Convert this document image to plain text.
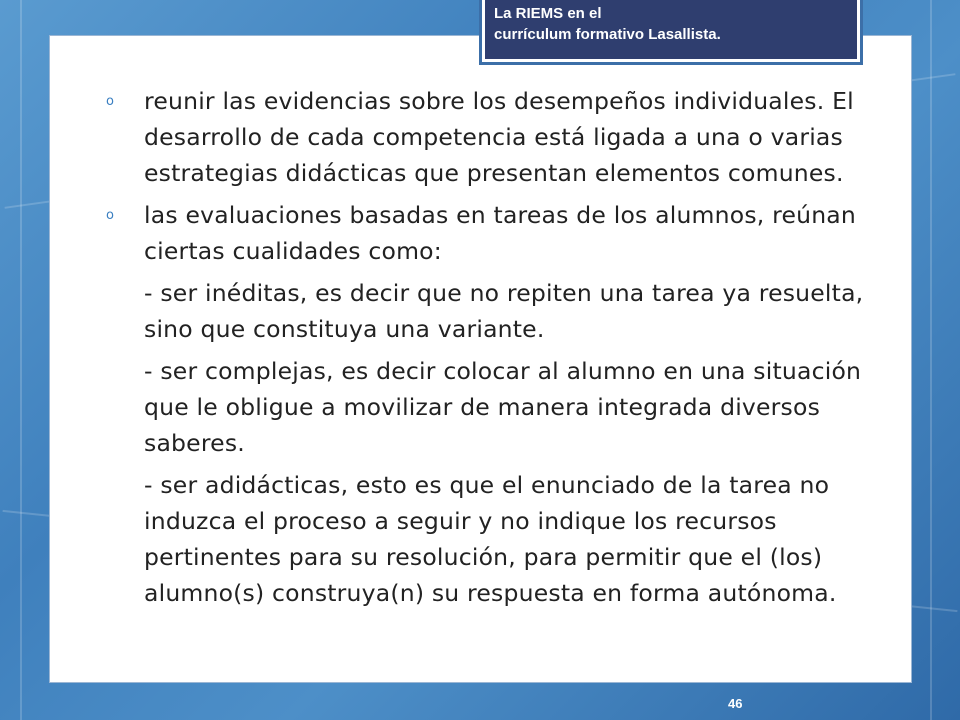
La RIEMS en el
currículum formativo Lasallista.
o reunir las evidencias sobre los desempeños individuales. El desarrollo de cada competencia está ligada a una o varias estrategias didácticas que presentan elementos comunes.
o las evaluaciones basadas en tareas de los alumnos, reúnan ciertas cualidades como:
- ser inéditas, es decir que no repiten una tarea ya resuelta, sino que constituya una variante.
- ser complejas, es decir colocar al alumno en una situación que le obligue a movilizar de manera integrada diversos saberes.
- ser adidácticas, esto es que el enunciado de la tarea no induzca el proceso a seguir y no indique los recursos pertinentes para su resolución, para permitir que el (los) alumno(s) construya(n) su respuesta en forma autónoma.
46
